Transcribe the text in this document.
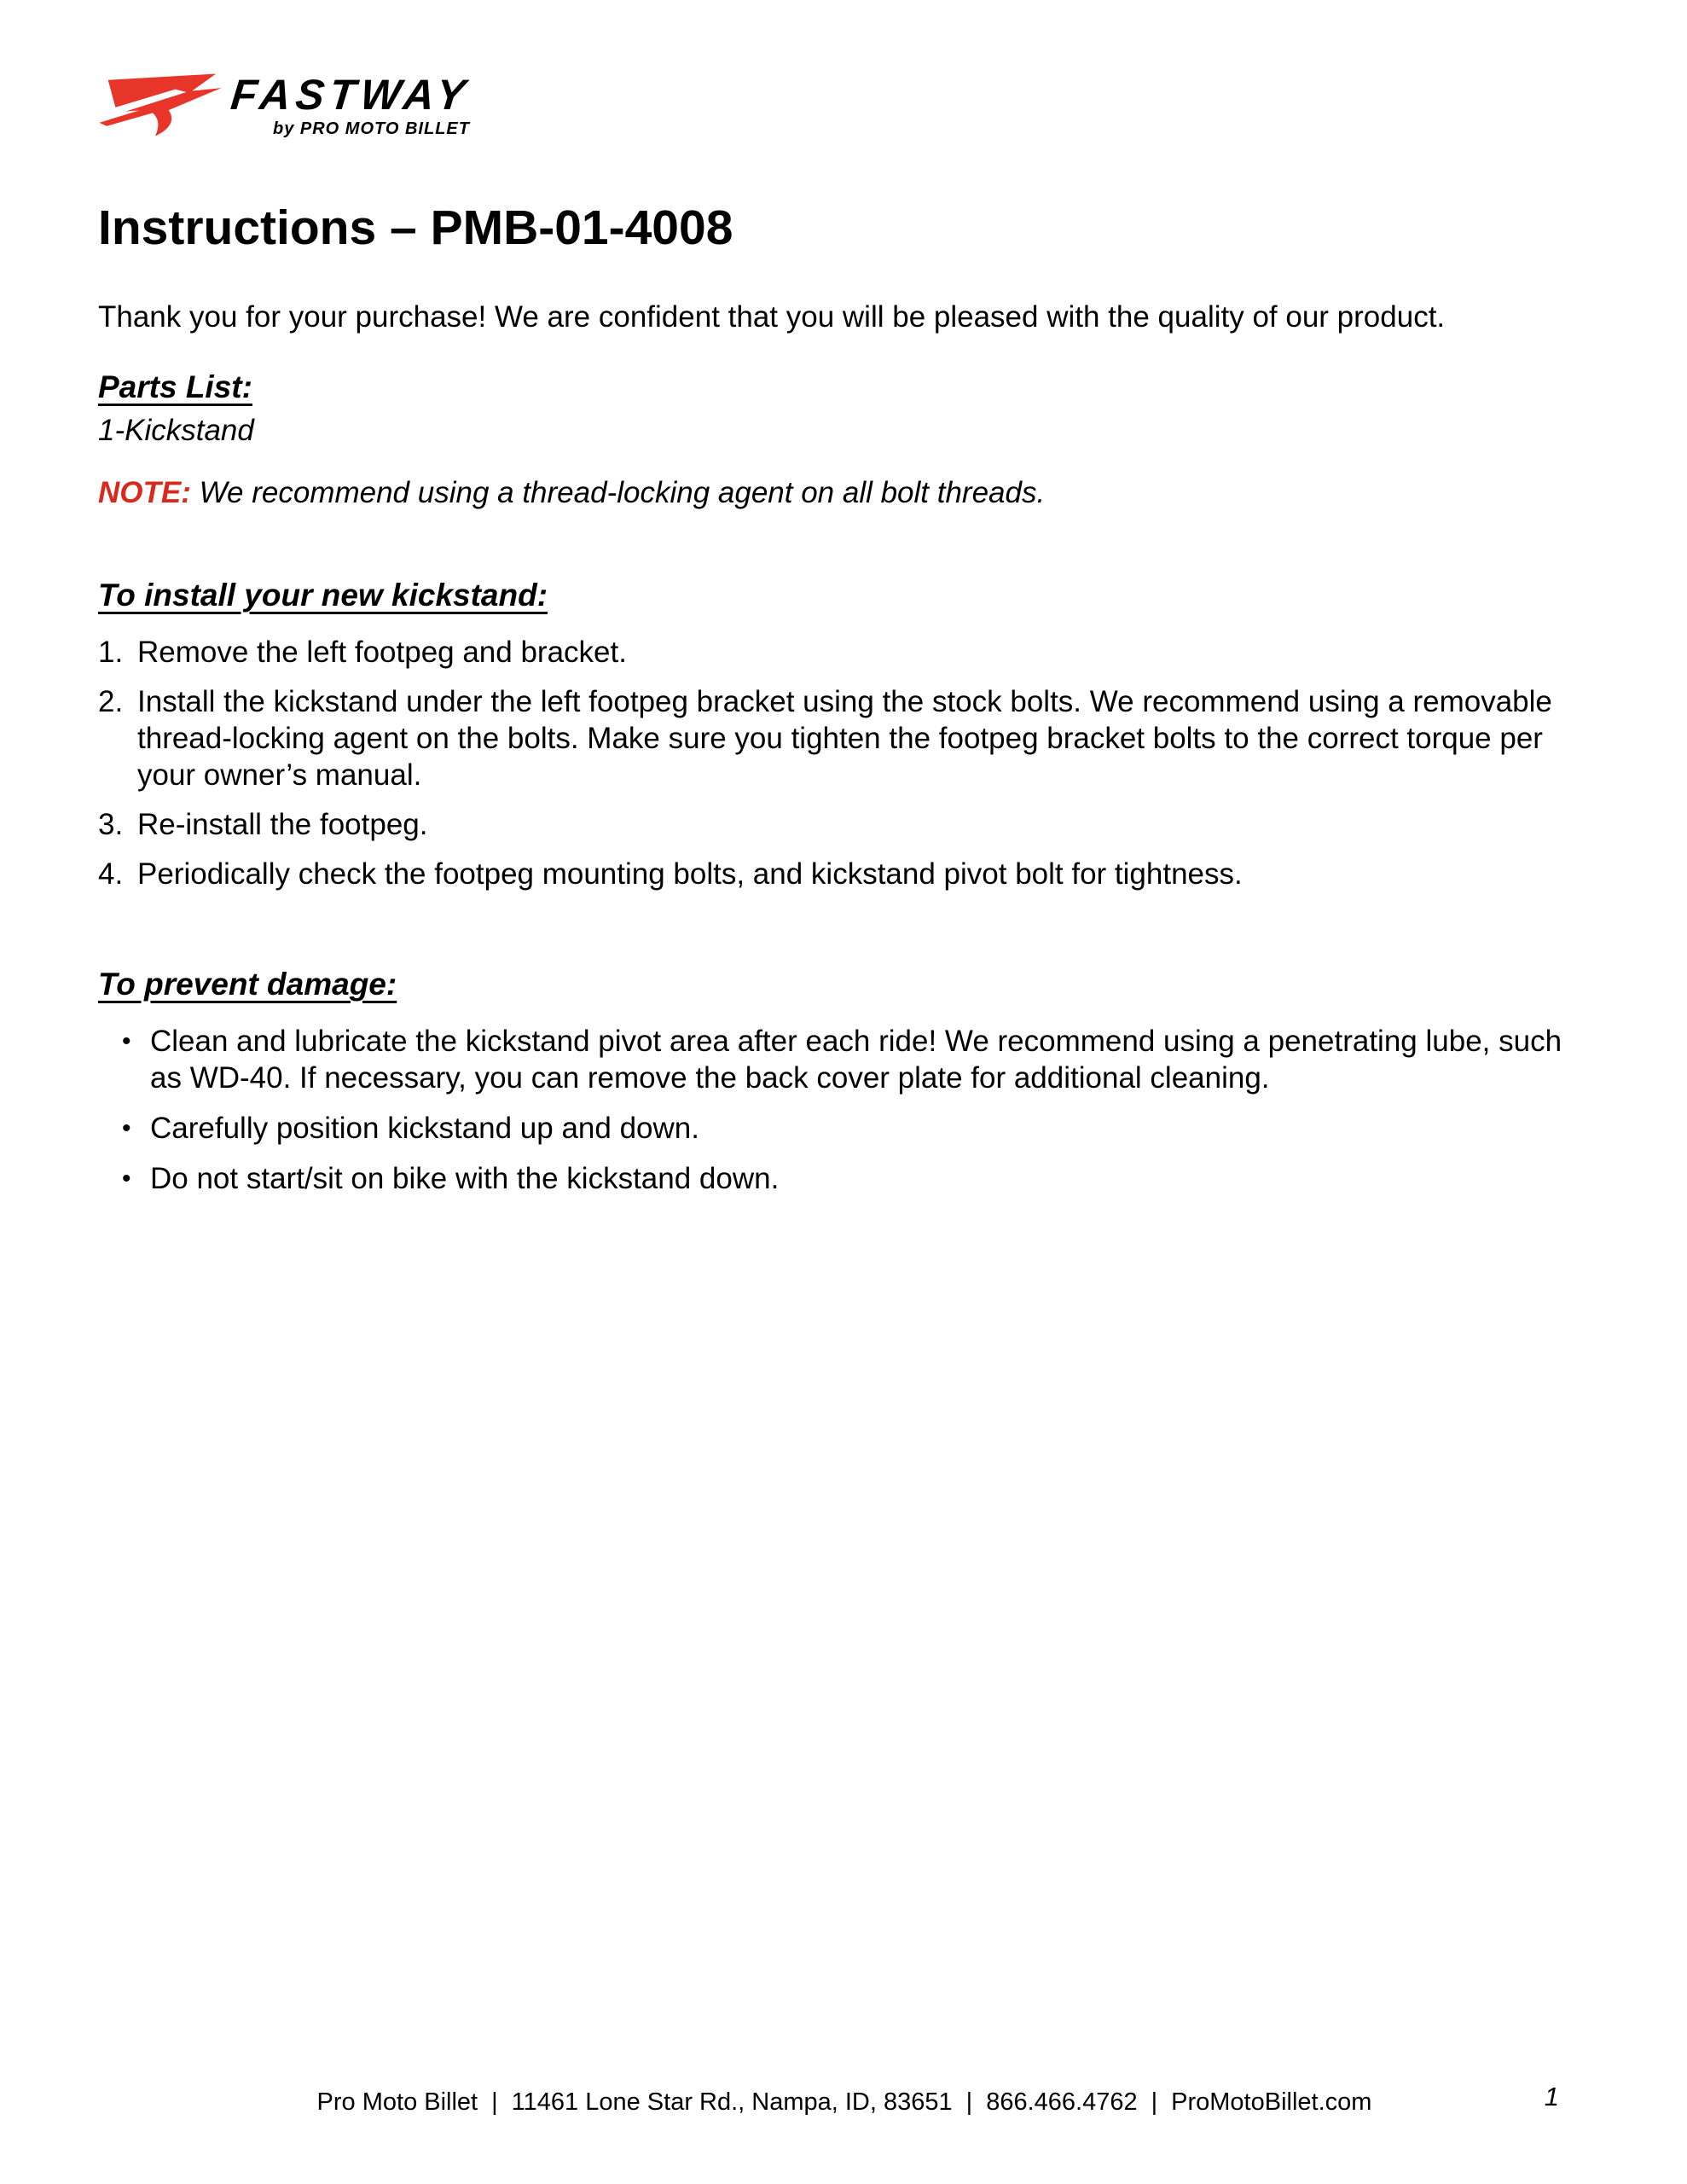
FASTWAY
by PRO MOTO BILLET
Instructions – PMB-01-4008

Thank you for your purchase! We are confident that you will be pleased with the quality of our product.

Parts List:

1-Kickstand

NOTE: We recommend using a thread-locking agent on all bolt threads.

To install your new kickstand:
1. Remove the left footpeg and bracket.
2. Install the kickstand under the left footpeg bracket using the stock bolts. We recommend using a removable thread-locking agent on the bolts. Make sure you tighten the footpeg bracket bolts to the correct torque per your owner’s manual.
3. Re-install the footpeg.
4. Periodically check the footpeg mounting bolts, and kickstand pivot bolt for tightness.
To prevent damage:
• Clean and lubricate the kickstand pivot area after each ride! We recommend using a penetrating lube, such as WD-40. If necessary, you can remove the back cover plate for additional cleaning.
• Carefully position kickstand up and down.
• Do not start/sit on bike with the kickstand down.
Pro Moto Billet | 11461 Lone Star Rd., Nampa, ID, 83651 | 866.466.4762 | ProMotoBillet.com	1
